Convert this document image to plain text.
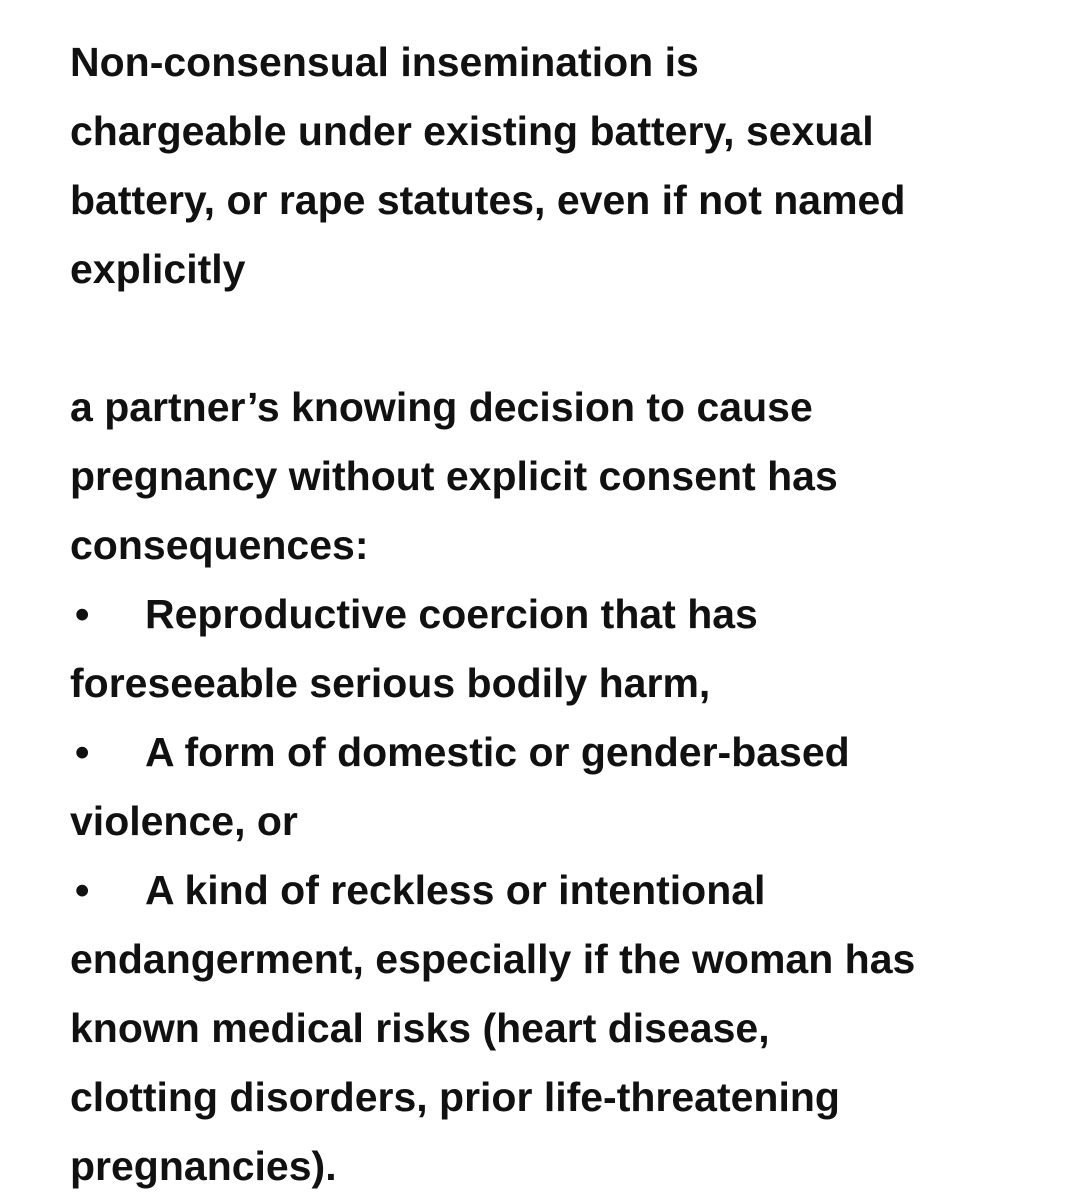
Non-consensual insemination is
chargeable under existing battery, sexual
battery, or rape statutes, even if not named
explicitly
a partner’s knowing decision to cause
pregnancy without explicit consent has
consequences:
• Reproductive coercion that has
foreseeable serious bodily harm,
• A form of domestic or gender-based
violence, or
• A kind of reckless or intentional
endangerment, especially if the woman has
known medical risks (heart disease,
clotting disorders, prior life-threatening
pregnancies).
